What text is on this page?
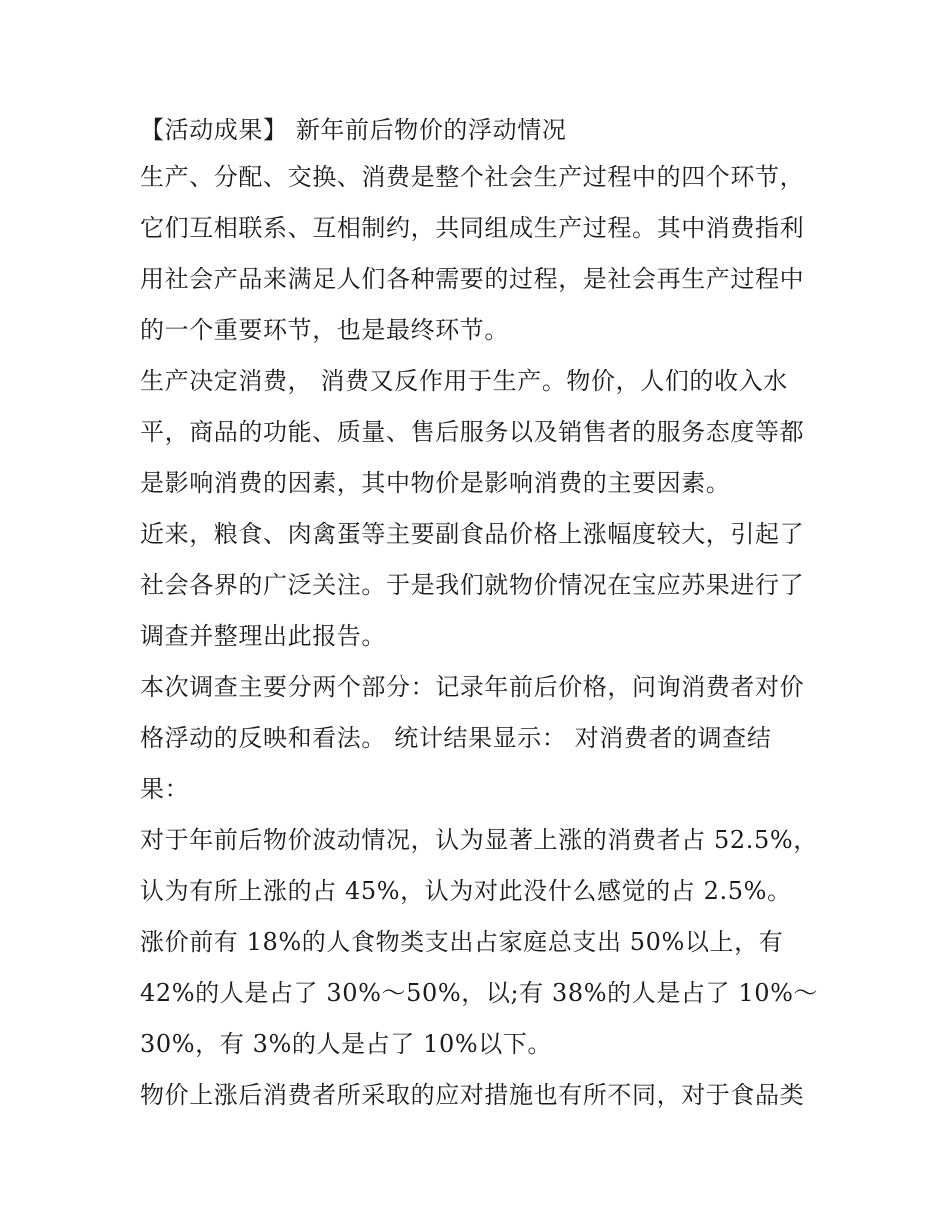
【活动成果】 新年前后物价的浮动情况
生产、分配、交换、消费是整个社会生产过程中的四个环节，
它们互相联系、互相制约，共同组成生产过程。其中消费指利
用社会产品来满足人们各种需要的过程，是社会再生产过程中
的一个重要环节，也是最终环节。
生产决定消费， 消费又反作用于生产。物价，人们的收入水
平，商品的功能、质量、售后服务以及销售者的服务态度等都
是影响消费的因素，其中物价是影响消费的主要因素。
近来，粮食、肉禽蛋等主要副食品价格上涨幅度较大，引起了
社会各界的广泛关注。于是我们就物价情况在宝应苏果进行了
调查并整理出此报告。
本次调查主要分两个部分：记录年前后价格，问询消费者对价
格浮动的反映和看法。 统计结果显示： 对消费者的调查结
果：
对于年前后物价波动情况，认为显著上涨的消费者占 52.5%，
认为有所上涨的占 45%，认为对此没什么感觉的占 2.5%。
涨价前有 18%的人食物类支出占家庭总支出 50%以上，有
42%的人是占了 30%～50%，以;有 38%的人是占了 10%～
30%，有 3%的人是占了 10%以下。
物价上涨后消费者所采取的应对措施也有所不同，对于食品类
